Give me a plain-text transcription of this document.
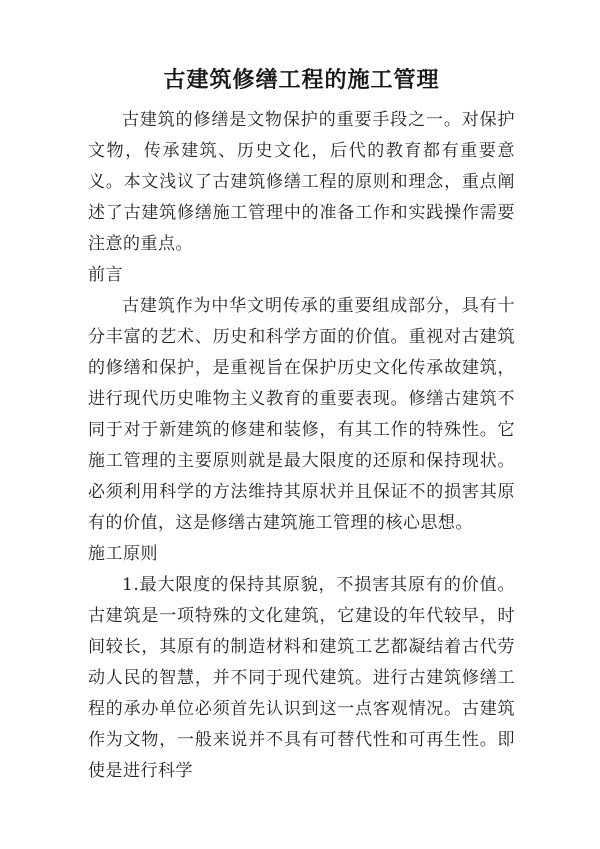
古建筑修缮工程的施工管理

古建筑的修缮是文物保护的重要手段之一。对保护文物，传承建筑、历史文化，后代的教育都有重要意义。本文浅议了古建筑修缮工程的原则和理念，重点阐述了古建筑修缮施工管理中的准备工作和实践操作需要注意的重点。

前言

古建筑作为中华文明传承的重要组成部分，具有十分丰富的艺术、历史和科学方面的价值。重视对古建筑的修缮和保护，是重视旨在保护历史文化传承故建筑，进行现代历史唯物主义教育的重要表现。修缮古建筑不同于对于新建筑的修建和装修，有其工作的特殊性。它施工管理的主要原则就是最大限度的还原和保持现状。必须利用科学的方法维持其原状并且保证不的损害其原有的价值，这是修缮古建筑施工管理的核心思想。

施工原则

1.最大限度的保持其原貌，不损害其原有的价值。古建筑是一项特殊的文化建筑，它建设的年代较早，时间较长，其原有的制造材料和建筑工艺都凝结着古代劳动人民的智慧，并不同于现代建筑。进行古建筑修缮工程的承办单位必须首先认识到这一点客观情况。古建筑作为文物，一般来说并不具有可替代性和可再生性。即使是进行科学
